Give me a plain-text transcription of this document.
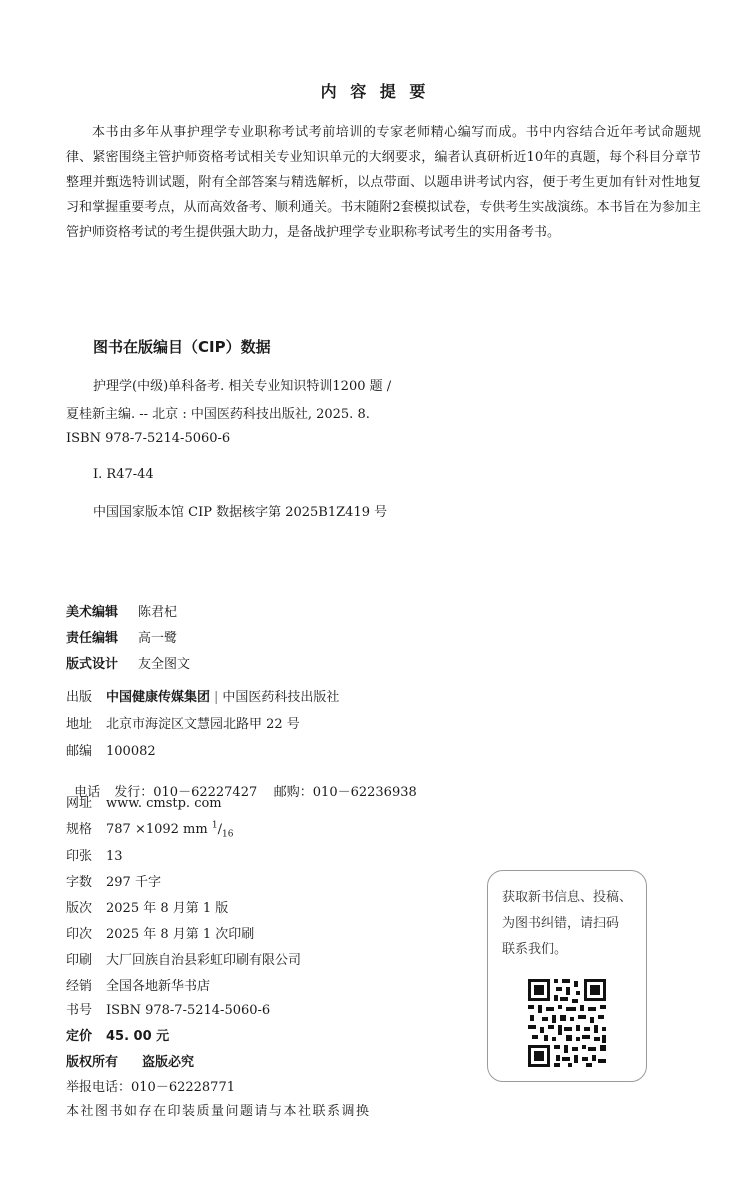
内 容 提 要
本书由多年从事护理学专业职称考试考前培训的专家老师精心编写而成。书中内容结合近年考试命题规律、紧密围绕主管护师资格考试相关专业知识单元的大纲要求，编者认真研析近10年的真题，每个科目分章节整理并甄选特训试题，附有全部答案与精选解析，以点带面、以题串讲考试内容，便于考生更加有针对性地复习和掌握重要考点，从而高效备考、顺利通关。书末随附2套模拟试卷，专供考生实战演练。本书旨在为参加主管护师资格考试的考生提供强大助力，是备战护理学专业职称考试考生的实用备考书。
图书在版编目（CIP）数据
护理学(中级)单科备考. 相关专业知识特训1200 题 /
夏桂新主编. -- 北京 : 中国医药科技出版社, 2025. 8.
ISBN 978-7-5214-5060-6
Ⅰ. R47-44
中国国家版本馆 CIP 数据核字第 2025B1Z419 号
美术编辑 陈君杞
责任编辑 高一鹭
版式设计 友全图文
出版 中国健康传媒集团 | 中国医药科技出版社
地址 北京市海淀区文慧园北路甲 22 号
邮编 100082

电话 发行：010－62227427    邮购：010－62236938

网址 www. cmstp. com
规格 787 ×1092 mm $^1/_{16}$
印张 13
字数 297 千字
版次 2025 年 8 月第 1 版
印次 2025 年 8 月第 1 次印刷
印刷 大厂回族自治县彩虹印刷有限公司
经销 全国各地新华书店
书号 ISBN 978-7-5214-5060-6
定价 45. 00 元
版权所有 盗版必究
举报电话：010－62228771
获取新书信息、投稿、
为图书纠错，请扫码
联系我们。
本社图书如存在印装质量问题请与本社联系调换
